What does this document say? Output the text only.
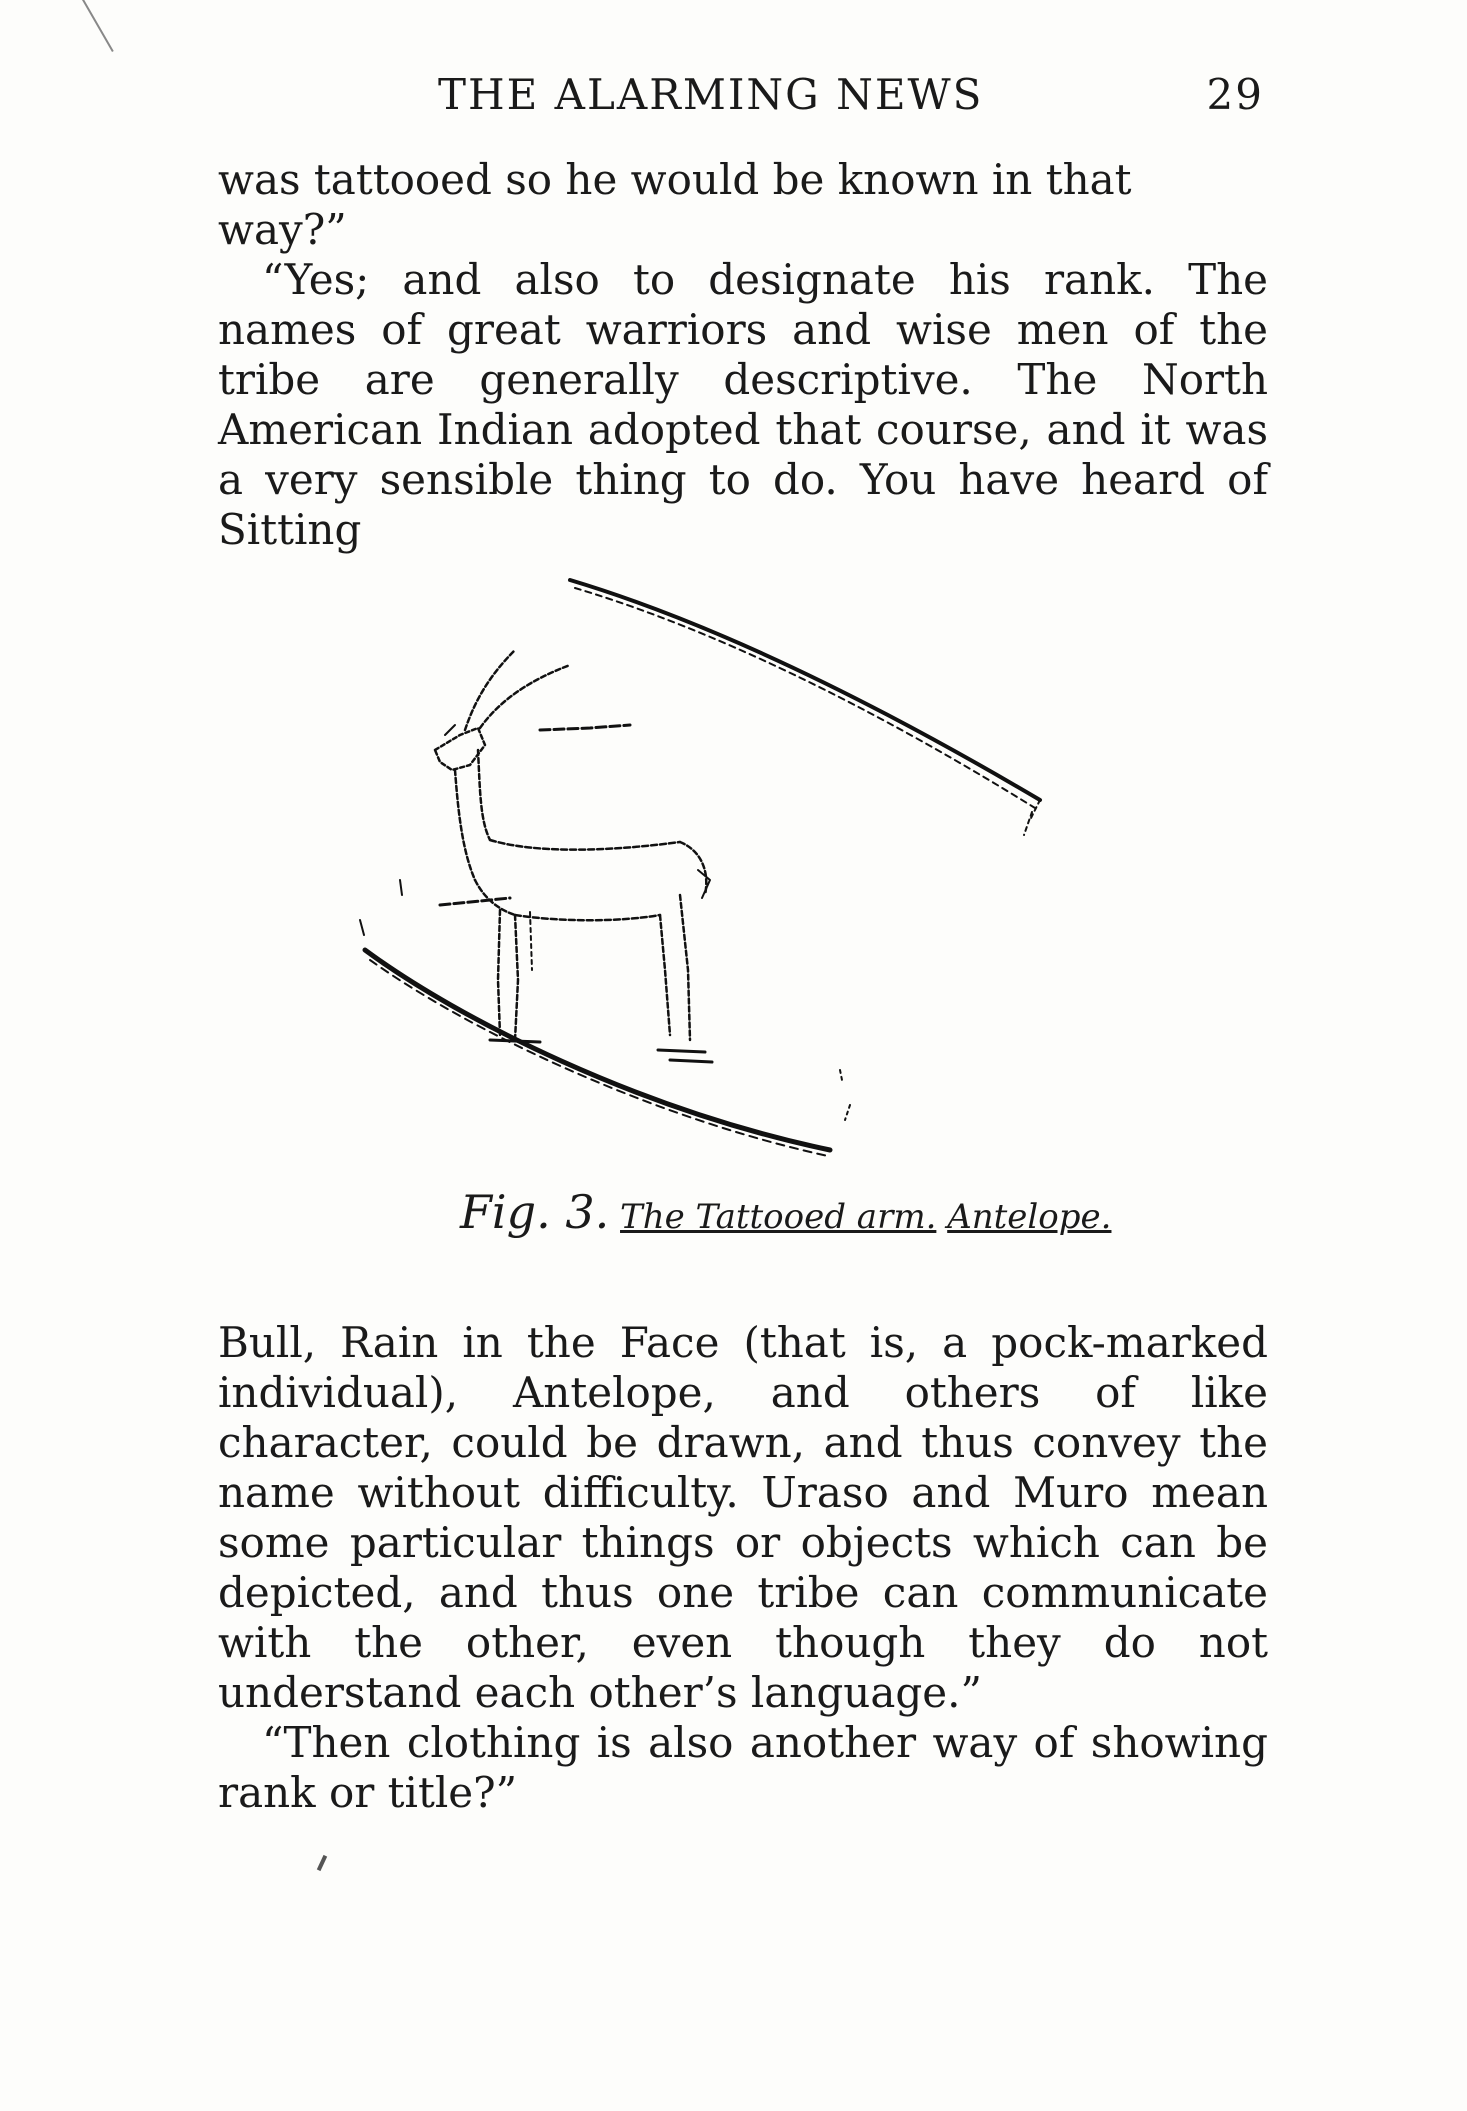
THE ALARMING NEWS	29

was tattooed so he would be known in that way?”

“Yes; and also to designate his rank. The names of great warriors and wise men of the tribe are generally descriptive. The North American Indian adopted that course, and it was a very sensible thing to do. You have heard of Sitting

Fig. 3. The Tattooed arm. Antelope.

Bull, Rain in the Face (that is, a pock-marked individual), Antelope, and others of like character, could be drawn, and thus convey the name without difficulty. Uraso and Muro mean some particular things or objects which can be depicted, and thus one tribe can communicate with the other, even though they do not understand each other’s language.”

“Then clothing is also another way of showing rank or title?”
